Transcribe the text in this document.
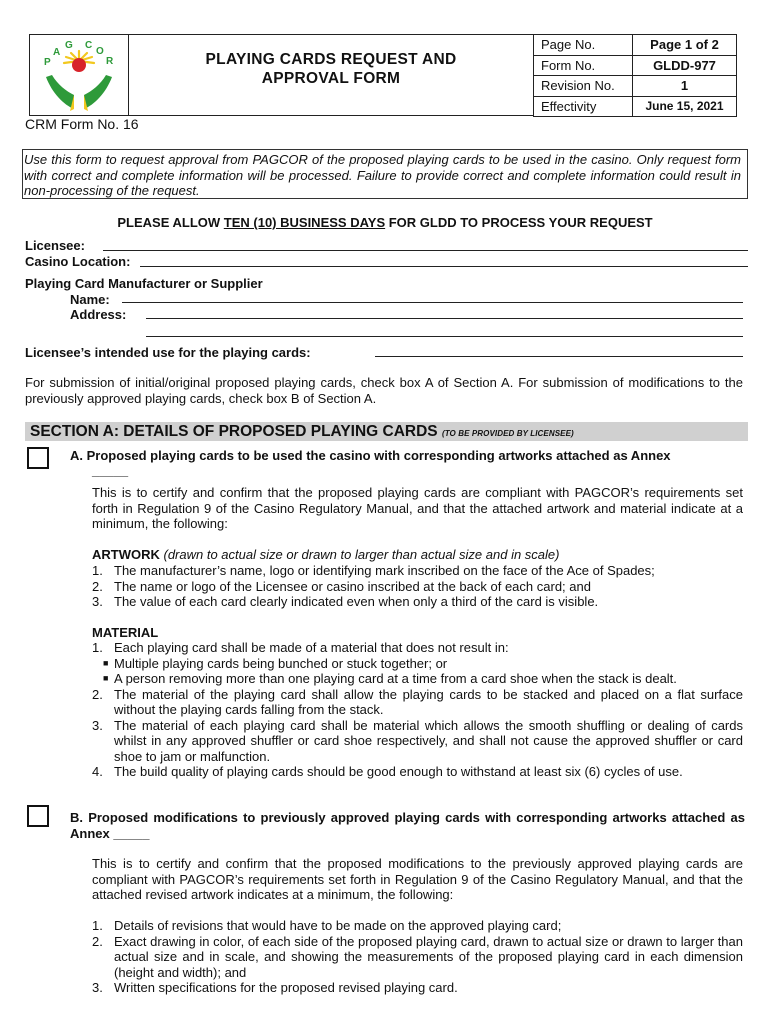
P A G C O R	PLAYING CARDS REQUEST AND
APPROVAL FORM
Page No.	Page 1 of 2
Form No.	GLDD-977
Revision No.	1
Effectivity	June 15, 2021
CRM Form No. 16
Use this form to request approval from PAGCOR of the proposed playing cards to be used in the casino. Only request form with correct and complete information will be processed. Failure to provide correct and complete information could result in non-processing of the request.
PLEASE ALLOW TEN (10) BUSINESS DAYS FOR GLDD TO PROCESS YOUR REQUEST
Licensee:
Casino Location:
Playing Card Manufacturer or Supplier
Name:
Address:
Licensee’s intended use for the playing cards:
For submission of initial/original proposed playing cards, check box A of Section A. For submission of modifications to the previously approved playing cards, check box B of Section A.
SECTION A: DETAILS OF PROPOSED PLAYING CARDS (TO BE PROVIDED BY LICENSEE)
A. Proposed playing cards to be used the casino with corresponding artworks attached as Annex
_____
This is to certify and confirm that the proposed playing cards are compliant with PAGCOR’s requirements set forth in Regulation 9 of the Casino Regulatory Manual, and that the attached artwork and material indicate at a minimum, the following:
ARTWORK (drawn to actual size or drawn to larger than actual size and in scale)
1. The manufacturer’s name, logo or identifying mark inscribed on the face of the Ace of Spades;
2. The name or logo of the Licensee or casino inscribed at the back of each card; and
3. The value of each card clearly indicated even when only a third of the card is visible.
MATERIAL
1. Each playing card shall be made of a material that does not result in:
■ Multiple playing cards being bunched or stuck together; or
■ A person removing more than one playing card at a time from a card shoe when the stack is dealt.
2. The material of the playing card shall allow the playing cards to be stacked and placed on a flat surface without the playing cards falling from the stack.
3. The material of each playing card shall be material which allows the smooth shuffling or dealing of cards whilst in any approved shuffler or card shoe respectively, and shall not cause the approved shuffler or card shoe to jam or malfunction.
4. The build quality of playing cards should be good enough to withstand at least six (6) cycles of use.
B. Proposed modifications to previously approved playing cards with corresponding artworks attached as Annex _____
This is to certify and confirm that the proposed modifications to the previously approved playing cards are compliant with PAGCOR’s requirements set forth in Regulation 9 of the Casino Regulatory Manual, and that the attached revised artwork indicates at a minimum, the following:
1. Details of revisions that would have to be made on the approved playing card;
2. Exact drawing in color, of each side of the proposed playing card, drawn to actual size or drawn to larger than actual size and in scale, and showing the measurements of the proposed playing card in each dimension (height and width); and
3. Written specifications for the proposed revised playing card.
